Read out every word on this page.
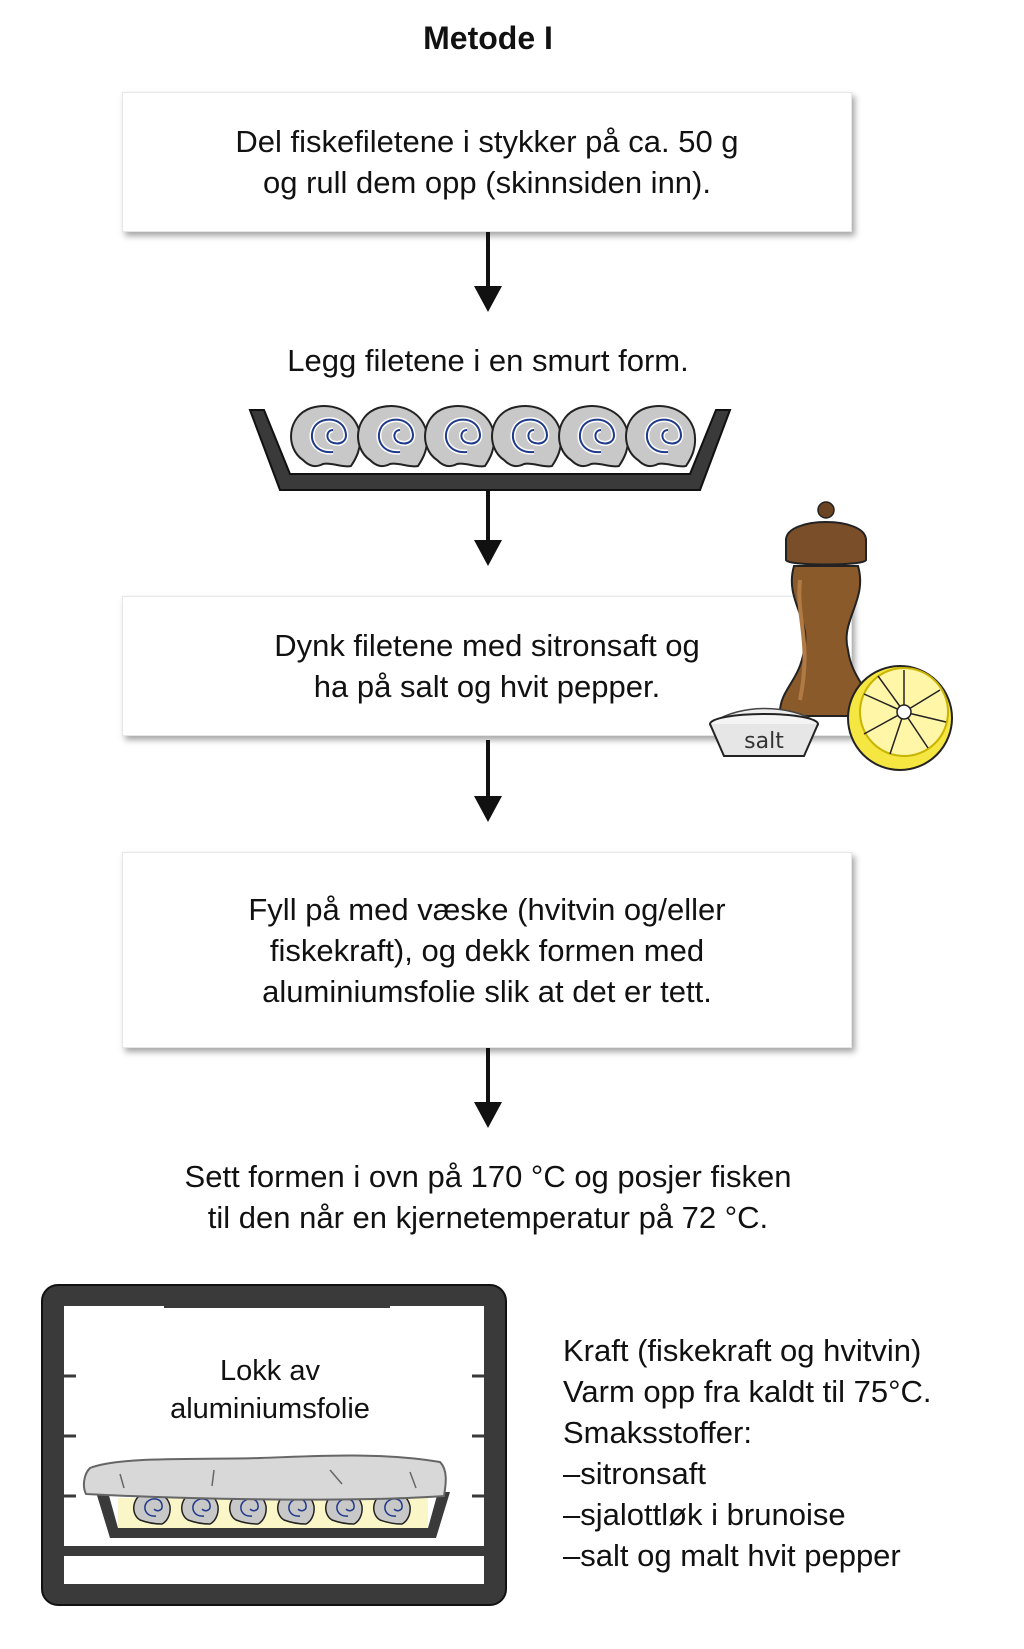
Metode I
Del fiskefiletene i stykker på ca. 50 g
og rull dem opp (skinnsiden inn).
Legg filetene i en smurt form.
Dynk filetene med sitronsaft og
ha på salt og hvit pepper.
Fyll på med væske (hvitvin og/eller
fiskekraft), og dekk formen med
aluminiumsfolie slik at det er tett.
Sett formen i ovn på 170 °C og posjer fisken
til den når en kjernetemperatur på 72 °C.
salt
Lokk av
aluminiumsfolie
Kraft (fiskekraft og hvitvin)
Varm opp fra kaldt til 75°C.
Smaksstoffer:
–sitronsaft
–sjalottløk i brunoise
–salt og malt hvit pepper
